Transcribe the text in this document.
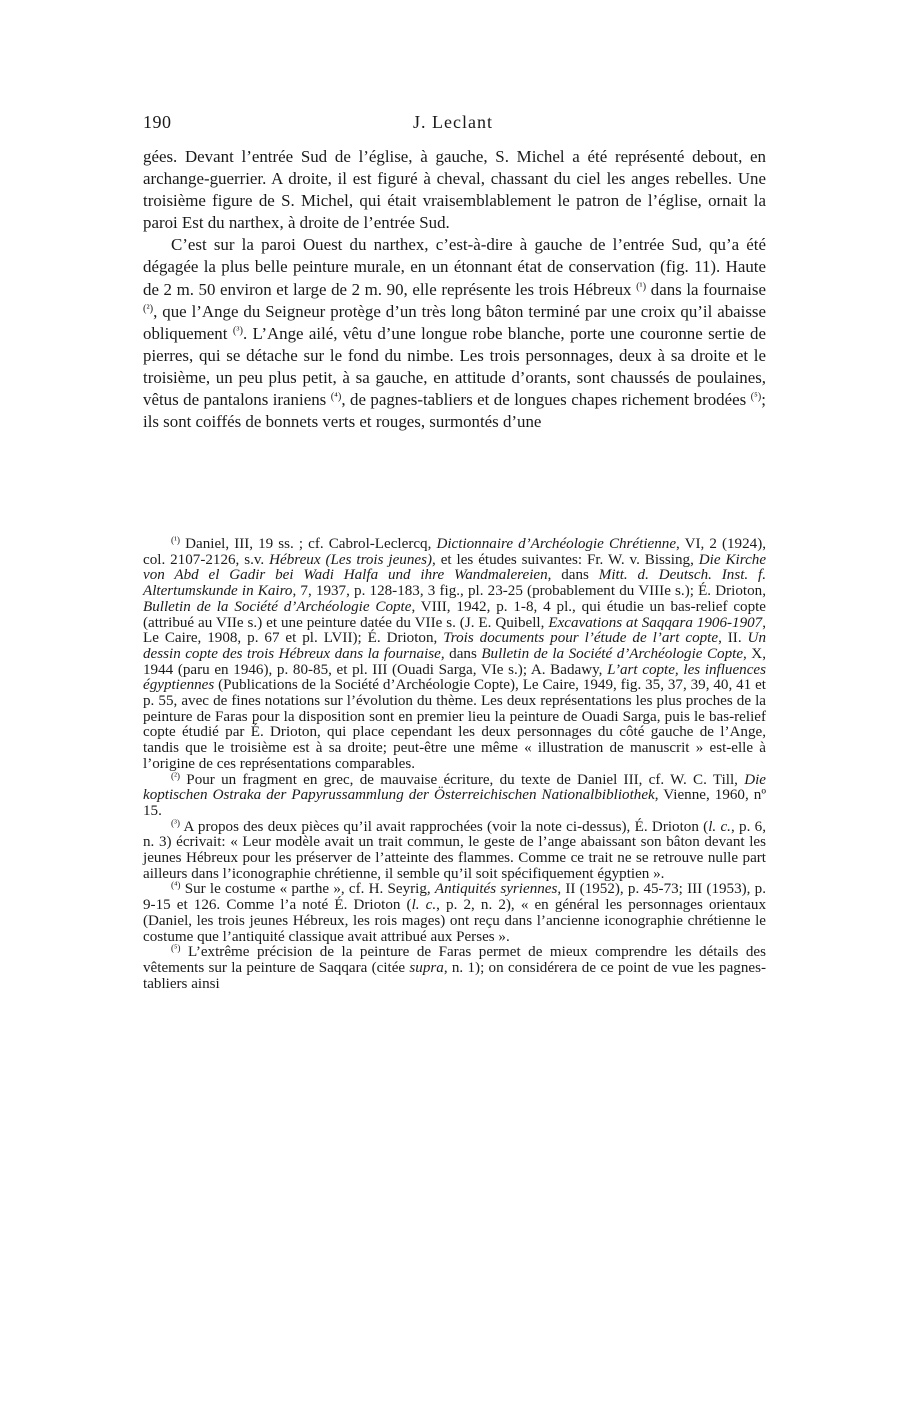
190	J. Leclant

gées. Devant l’entrée Sud de l’église, à gauche, S. Michel a été représenté debout, en archange-guerrier. A droite, il est figuré à cheval, chassant du ciel les anges rebelles. Une troisième figure de S. Michel, qui était vraisemblablement le patron de l’église, ornait la paroi Est du narthex, à droite de l’entrée Sud.

C’est sur la paroi Ouest du narthex, c’est-à-dire à gauche de l’entrée Sud, qu’a été dégagée la plus belle peinture murale, en un étonnant état de conservation (fig. 11). Haute de 2 m. 50 environ et large de 2 m. 90, elle représente les trois Hébreux $^{(^1)}$ dans la fournaise $^{(^2)}$, que l’Ange du Seigneur protège d’un très long bâton terminé par une croix qu’il abaisse obliquement $^{(^3)}$. L’Ange ailé, vêtu d’une longue robe blanche, porte une couronne sertie de pierres, qui se détache sur le fond du nimbe. Les trois personnages, deux à sa droite et le troisième, un peu plus petit, à sa gauche, en attitude d’orants, sont chaussés de poulaines, vêtus de pantalons iraniens $^{(^4)}$, de pagnes-tabliers et de longues chapes richement brodées $^{(^5)}$; ils sont coiffés de bonnets verts et rouges, surmontés d’une

$^{(^1)}$ Daniel, III, 19 ss. ; cf. Cabrol-Leclercq, Dictionnaire d’Archéologie Chrétienne, VI, 2 (1924), col. 2107-2126, s.v. Hébreux (Les trois jeunes), et les études suivantes: Fr. W. v. Bissing, Die Kirche von Abd el Gadir bei Wadi Halfa und ihre Wandmalereien, dans Mitt. d. Deutsch. Inst. f. Altertumskunde in Kairo, 7, 1937, p. 128-183, 3 fig., pl. 23-25 (probablement du VIIIe s.); É. Drioton, Bulletin de la Société d’Archéologie Copte, VIII, 1942, p. 1-8, 4 pl., qui étudie un bas-relief copte (attribué au VIIe s.) et une peinture datée du VIIe s. (J. E. Quibell, Excavations at Saqqara 1906-1907, Le Caire, 1908, p. 67 et pl. LVII); É. Drioton, Trois documents pour l’étude de l’art copte, II. Un dessin copte des trois Hébreux dans la fournaise, dans Bulletin de la Société d’Archéologie Copte, X, 1944 (paru en 1946), p. 80-85, et pl. III (Ouadi Sarga, VIe s.); A. Badawy, L’art copte, les influences égyptiennes (Publications de la Société d’Archéologie Copte), Le Caire, 1949, fig. 35, 37, 39, 40, 41 et p. 55, avec de fines notations sur l’évolution du thème. Les deux représentations les plus proches de la peinture de Faras pour la disposition sont en premier lieu la peinture de Ouadi Sarga, puis le bas-relief copte étudié par É. Drioton, qui place cependant les deux personnages du côté gauche de l’Ange, tandis que le troisième est à sa droite; peut-être une même « illustration de manuscrit » est-elle à l’origine de ces représentations comparables.

$^{(^2)}$ Pour un fragment en grec, de mauvaise écriture, du texte de Daniel III, cf. W. C. Till, Die koptischen Ostraka der Papyrussammlung der Österreichischen Nationalbibliothek, Vienne, 1960, nº 15.

$^{(^3)}$ A propos des deux pièces qu’il avait rapprochées (voir la note ci-dessus), É. Drioton (l. c., p. 6, n. 3) écrivait: « Leur modèle avait un trait commun, le geste de l’ange abaissant son bâton devant les jeunes Hébreux pour les préserver de l’atteinte des flammes. Comme ce trait ne se retrouve nulle part ailleurs dans l’iconographie chrétienne, il semble qu’il soit spécifiquement égyptien ».

$^{(^4)}$ Sur le costume « parthe », cf. H. Seyrig, Antiquités syriennes, II (1952), p. 45-73; III (1953), p. 9-15 et 126. Comme l’a noté É. Drioton (l. c., p. 2, n. 2), « en général les personnages orientaux (Daniel, les trois jeunes Hébreux, les rois mages) ont reçu dans l’ancienne iconographie chrétienne le costume que l’antiquité classique avait attribué aux Perses ».

$^{(^5)}$ L’extrême précision de la peinture de Faras permet de mieux comprendre les détails des vêtements sur la peinture de Saqqara (citée supra, n. 1); on considérera de ce point de vue les pagnes-tabliers ainsi
